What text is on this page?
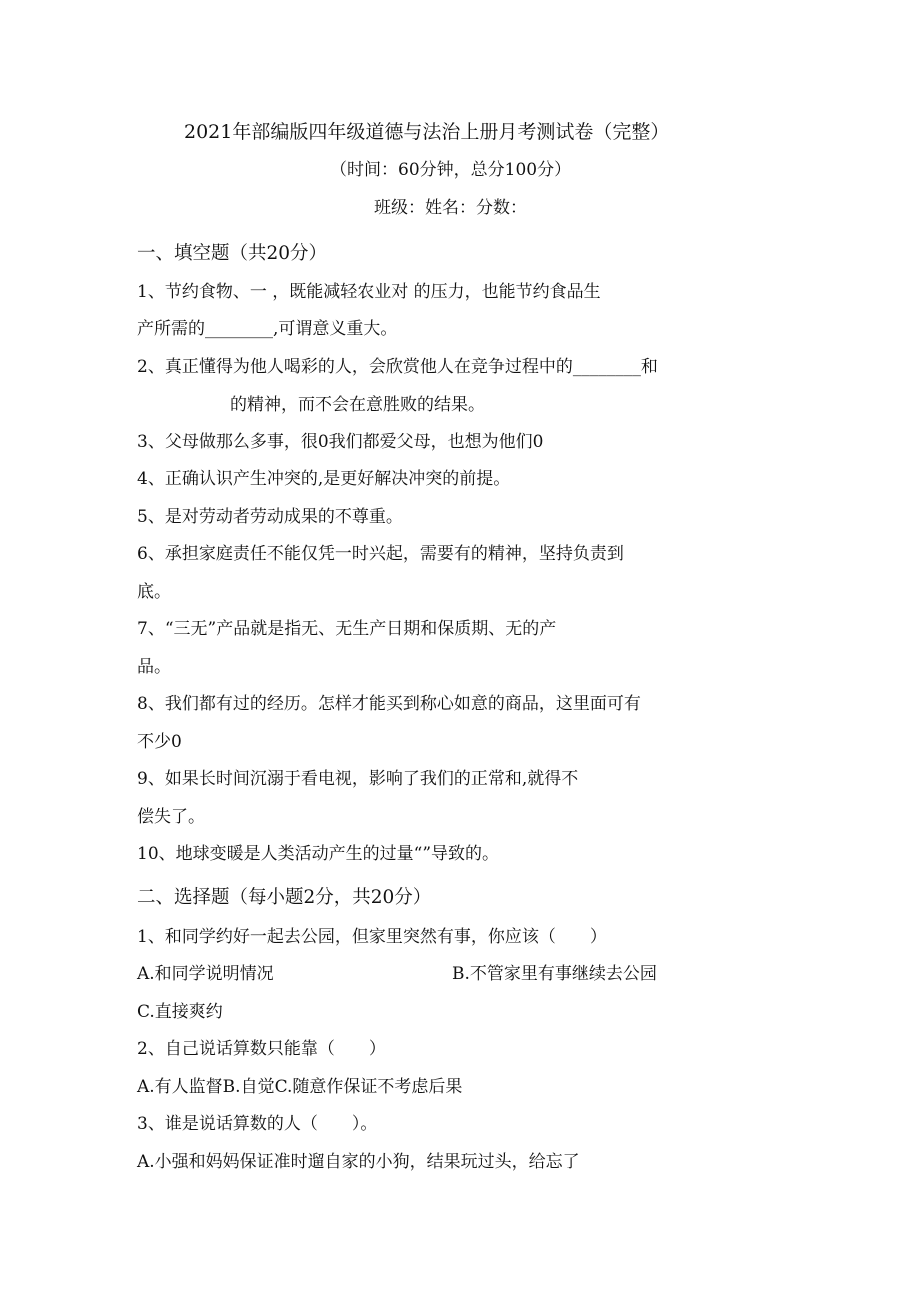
2021年部编版四年级道德与法治上册月考测试卷（完整）
（时间：60分钟，总分100分）
班级：姓名：分数：
一、填空题（共20分）
1、节约食物、一 ，既能减轻农业对 的压力，也能节约食品生
产所需的________,可谓意义重大。
2、真正懂得为他人喝彩的人，会欣赏他人在竞争过程中的________和
的精神，而不会在意胜败的结果。
3、父母做那么多事，很0我们都爱父母，也想为他们0
4、正确认识产生冲突的,是更好解决冲突的前提。
5、是对劳动者劳动成果的不尊重。
6、承担家庭责任不能仅凭一时兴起，需要有的精神，坚持负责到
底。
7、“三无”产品就是指无、无生产日期和保质期、无的产
品。
8、我们都有过的经历。怎样才能买到称心如意的商品，这里面可有
不少0
9、如果长时间沉溺于看电视，影响了我们的正常和,就得不
偿失了。
10、地球变暖是人类活动产生的过量“”导致的。
二、选择题（每小题2分，共20分）
1、和同学约好一起去公园，但家里突然有事，你应该（　　）
A.和同学说明情况	B.不管家里有事继续去公园
C.直接爽约
2、自己说话算数只能靠（　　）
A.有人监督B.自觉C.随意作保证不考虑后果
3、谁是说话算数的人（　　）。
A.小强和妈妈保证准时遛自家的小狗，结果玩过头，给忘了
